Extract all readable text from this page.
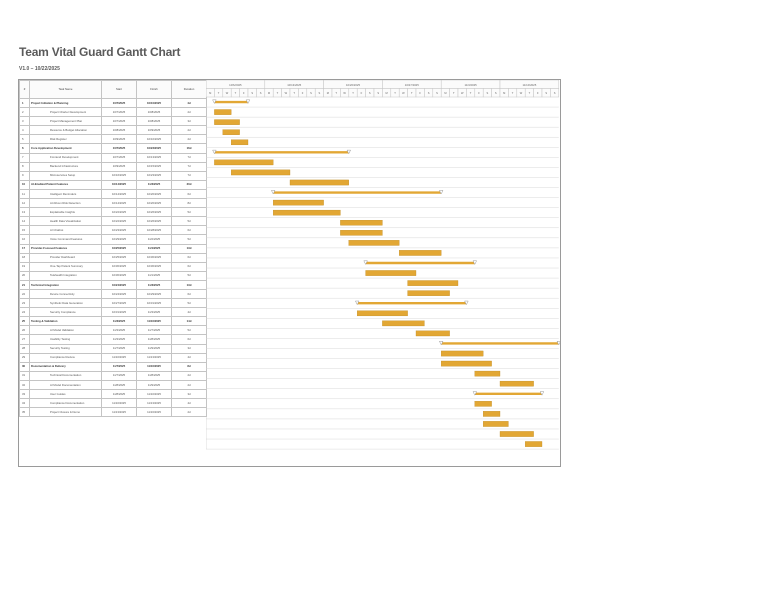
Team Vital Guard Gantt Chart
V1.0 – 10/22/2025
#	Task Name	Start	Finish	Duration
1	Project Initiation & Planning	10/7/2025	10/10/2025	4d
2	Project Charter Development	10/7/2025	10/8/2025	2d
3	Project Management Plan	10/7/2025	10/8/2025	3d
4	Resource & Budget Allocation	10/8/2025	10/9/2025	2d
5	Risk Register	10/9/2025	10/10/2025	2d
6	Core Application Development	10/7/2025	10/23/2025	16d
7	Frontend Development	10/7/2025	10/13/2025	7d
8	Backend Infrastructure	10/9/2025	10/15/2025	7d
9	Microservices Setup	10/16/2025	10/23/2025	7d
10	AI-Enabled Patient Features	10/14/2025	11/3/2025	20d
11	Intelligent Reminders	10/14/2025	10/20/2025	6d
12	AI-Driven Risk Detection	10/14/2025	10/20/2025	8d
13	Explainable Insights	10/22/2025	10/26/2025	5d
14	Health Data Visualization	10/22/2025	10/26/2025	5d
15	AI Chatbot	10/23/2025	10/28/2025	6d
16	Voice Command Features	10/29/2025	11/2/2025	5d
17	Provider-Focused Features	10/25/2025	11/1/2025	13d
18	Provider Dashboard	10/25/2025	10/30/2025	6d
19	One-Tap Patient Summary	10/30/2025	10/30/2025	6d
20	Telehealth Integration	10/30/2025	11/1/2025	5d
21	Technical Integration	10/24/2025	11/3/2025	13d
22	Device Connectivity	10/24/2025	10/29/2025	6d
23	Synthetic Data Generation	10/27/2025	10/31/2025	5d
24	Security Compliance	10/31/2025	11/3/2025	4d
25	Testing & Validation	11/3/2025	11/16/2025	14d
26	AI Model Validation	11/3/2025	11/7/2025	5d
27	Usability Testing	11/3/2025	11/8/2025	6d
28	Security Testing	11/7/2025	11/9/2025	3d
29	Compliance Review	11/10/2025	11/13/2025	4d
30	Documentation & Delivery	11/7/2025	11/16/2025	8d
31	Technical Documentation	11/7/2025	11/8/2025	2d
32	AI Model Documentation	11/8/2025	11/9/2025	2d
33	User Guides	11/8/2025	11/10/2025	3d
34	Compliance Documentation	11/10/2025	11/13/2025	4d
35	Project Closure & Demo	11/13/2025	11/16/2025	2d
10/6/2025	10/13/2025	10/20/2025	10/27/2025	11/3/2025	11/10/2025
M	T W T	F	S	S M	T W T	F	S	S M	T W T	F	S	S M	T W T	F	S	S M	T W T	F	S	S M	T W T	F	S	S
